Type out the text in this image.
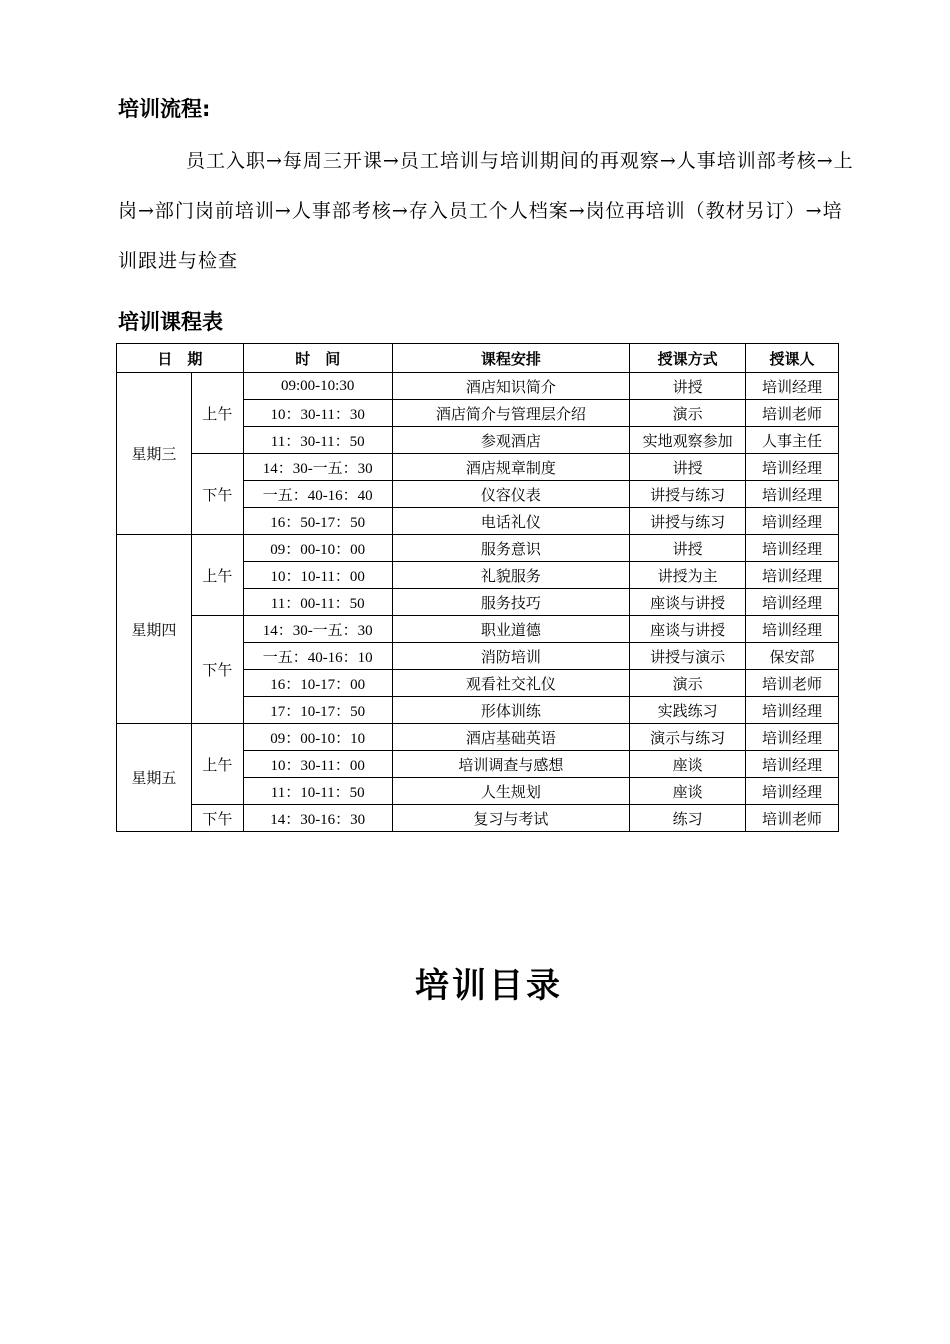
培训流程:

员工入职→每周三开课→员工培训与培训期间的再观察→人事培训部考核→上岗→部门岗前培训→人事部考核→存入员工个人档案→岗位再培训（教材另订）→培训跟进与检查

培训课程表
日　期		时　间	课程安排	授课方式	授课人
星期三	上午	09:00-10:30	酒店知识简介	讲授	培训经理
		10：30-11：30	酒店简介与管理层介绍	演示	培训老师
		11：30-11：50	参观酒店	实地观察参加	人事主任
	下午	14：30-一五：30	酒店规章制度	讲授	培训经理
		一五：40-16：40	仪容仪表	讲授与练习	培训经理
		16：50-17：50	电话礼仪	讲授与练习	培训经理
星期四	上午	09：00-10：00	服务意识	讲授	培训经理
		10：10-11：00	礼貌服务	讲授为主	培训经理
		11：00-11：50	服务技巧	座谈与讲授	培训经理
	下午	14：30-一五：30	职业道德	座谈与讲授	培训经理
		一五：40-16：10	消防培训	讲授与演示	保安部
		16：10-17：00	观看社交礼仪	演示	培训老师
		17：10-17：50	形体训练	实践练习	培训经理
星期五	上午	09：00-10：10	酒店基础英语	演示与练习	培训经理
		10：30-11：00	培训调查与感想	座谈	培训经理
		11：10-11：50	人生规划	座谈	培训经理
	下午	14：30-16：30	复习与考试	练习	培训老师
培训目录
